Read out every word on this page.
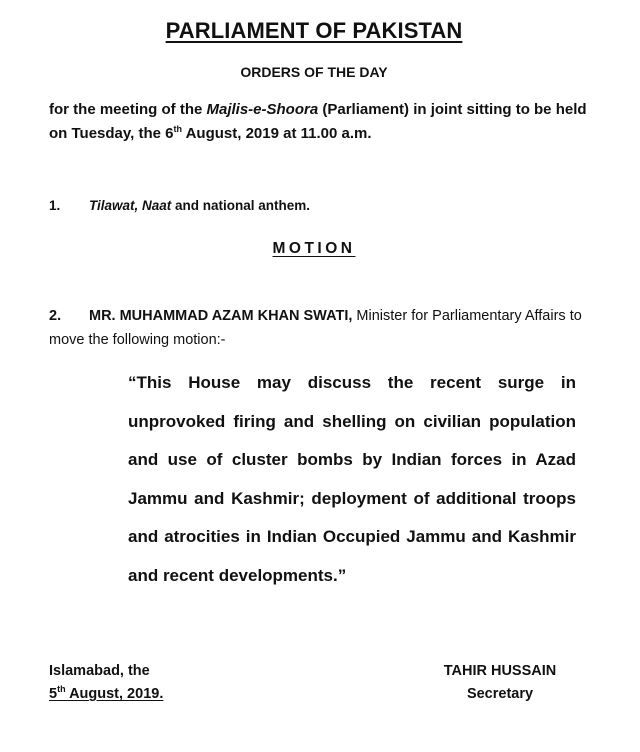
PARLIAMENT OF PAKISTAN
ORDERS OF THE DAY
for the meeting of the Majlis-e-Shoora (Parliament) in joint sitting to be held on Tuesday, the 6th August, 2019 at 11.00 a.m.
1. Tilawat, Naat and national anthem.
MOTION
2. MR. MUHAMMAD AZAM KHAN SWATI, Minister for Parliamentary Affairs to move the following motion:-
“This House may discuss the recent surge in unprovoked firing and shelling on civilian population and use of cluster bombs by Indian forces in Azad Jammu and Kashmir; deployment of additional troops and atrocities in Indian Occupied Jammu and Kashmir and recent developments.”
Islamabad, the
5th August, 2019.
TAHIR HUSSAIN
Secretary
